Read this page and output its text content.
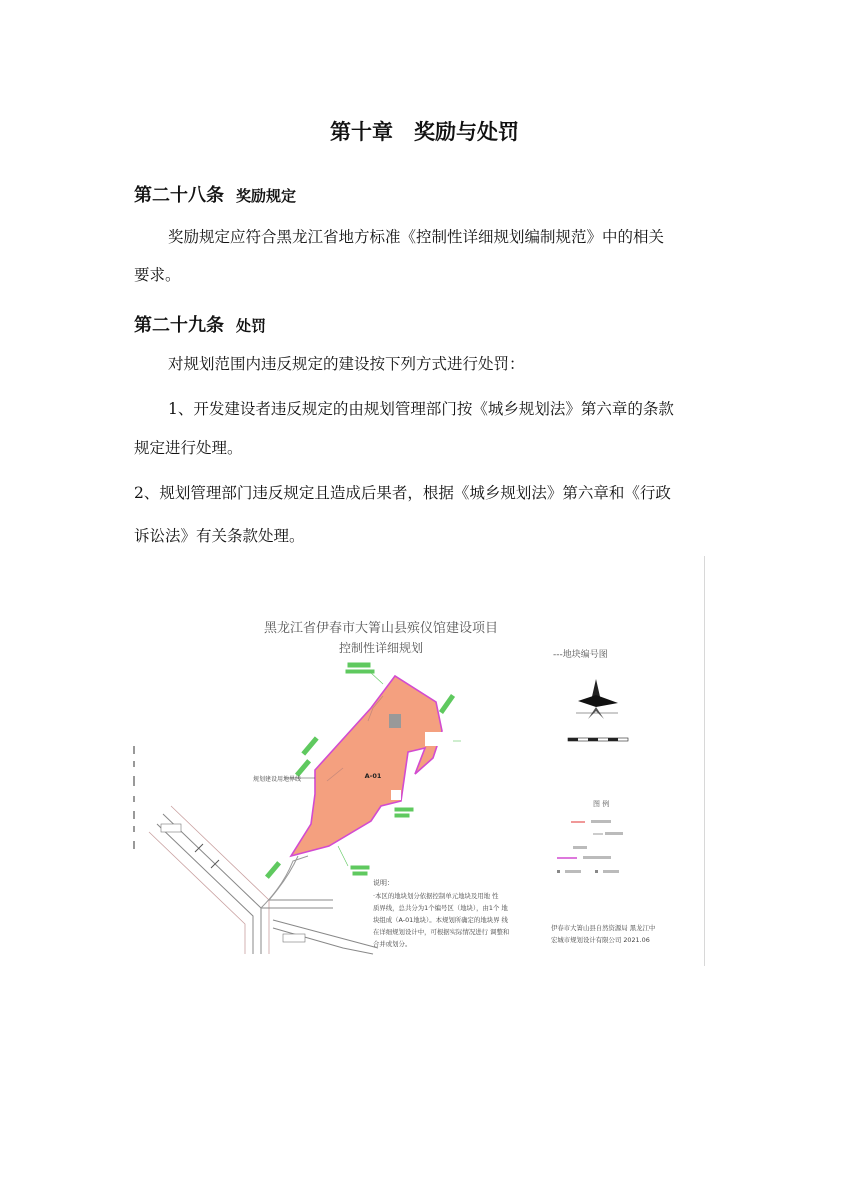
第十章　奖励与处罚
第二十八条 奖励规定
奖励规定应符合黑龙江省地方标准《控制性详细规划编制规范》中的相关
要求。
第二十九条 处罚
对规划范围内违反规定的建设按下列方式进行处罚：
1、开发建设者违反规定的由规划管理部门按《城乡规划法》第六章的条款
规定进行处理。
2、规划管理部门违反规定且造成后果者，根据《城乡规划法》第六章和《行政
诉讼法》有关条款处理。
黑龙江省伊春市大箐山县殡仪馆建设项目
控制性详细规划	---地块编号图
A-01
规划建设用地界线
图 例
说明：
·本区的地块划分依据控制单元地块及用地 性
质界线，总共分为1个编号区（地块），由1个 地
块组成（A-01地块）。本规划所确定的地块界 线
在详细规划设计中，可根据实际情况进行 调整和
合并或划分。
伊春市大箐山县自然资源局 黑龙江中
宏城市规划设计有限公司 2021.06
